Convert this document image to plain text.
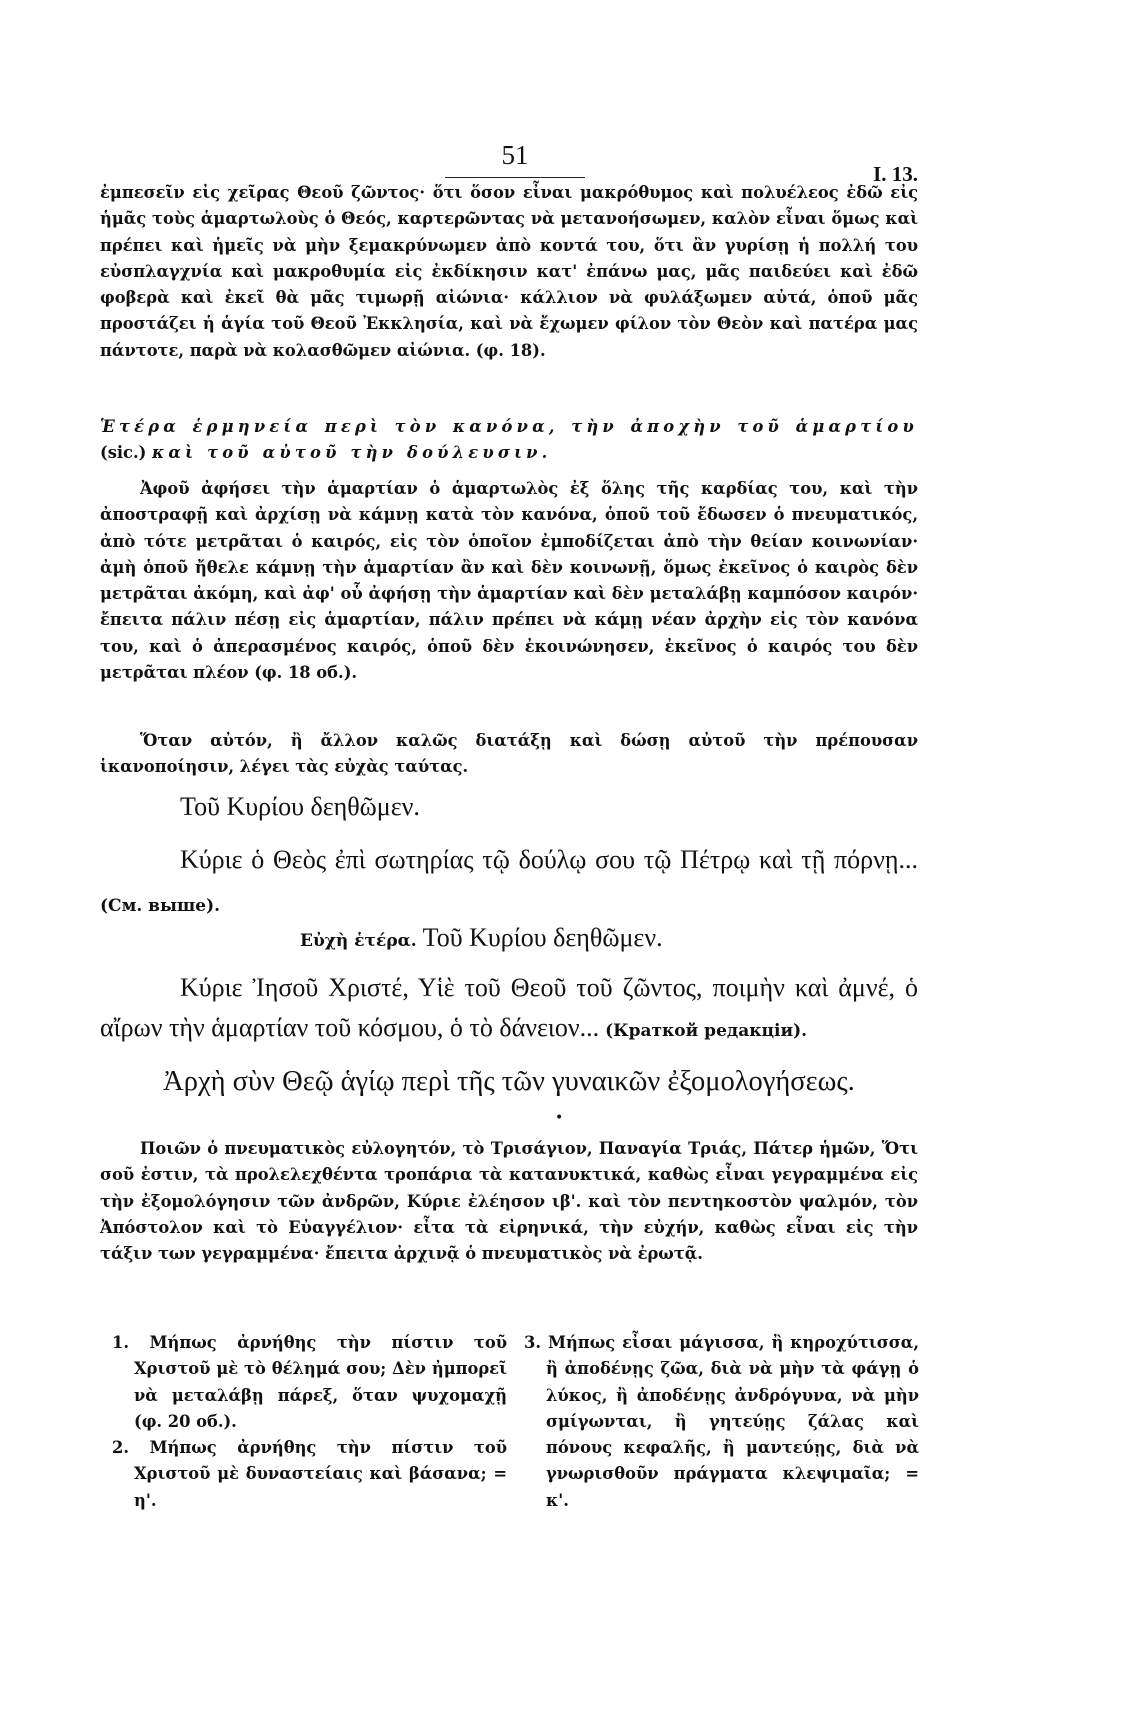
51
I. 13.

ἐμπεσεῖν εἰς χεῖρας Θεοῦ ζῶντος· ὅτι ὅσον εἶναι μακρόθυμος καὶ πολυέλεος ἐδῶ εἰς ἡμᾶς τοὺς ἁμαρτωλοὺς ὁ Θεός, καρτερῶντας νὰ μετανοήσωμεν, καλὸν εἶναι ὅμως καὶ πρέπει καὶ ἡμεῖς νὰ μὴν ξεμακρύνωμεν ἀπὸ κοντά του, ὅτι ἂν γυρίσῃ ἡ πολλή του εὐσπλαγχνία καὶ μακροθυμία εἰς ἐκδίκησιν κατ' ἐπάνω μας, μᾶς παιδεύει καὶ ἐδῶ φοβερὰ καὶ ἐκεῖ θὰ μᾶς τιμωρῇ αἰώνια· κάλλιον νὰ φυλάξωμεν αὐτά, ὁποῦ μᾶς προστάζει ἡ ἁγία τοῦ Θεοῦ Ἐκκλησία, καὶ νὰ ἔχωμεν φίλον τὸν Θεὸν καὶ πατέρα μας πάντοτε, παρὰ νὰ κολασθῶμεν αἰώνια. (φ. 18).

Ἑτέρα ἑρμηνεία περὶ τὸν κανόνα, τὴν ἀποχὴν τοῦ ἁμαρτίου (sic.) καὶ τοῦ αὐτοῦ τὴν δούλευσιν.

Ἀφοῦ ἀφήσει τὴν ἁμαρτίαν ὁ ἁμαρτωλὸς ἐξ ὅλης τῆς καρδίας του, καὶ τὴν ἀποστραφῇ καὶ ἀρχίσῃ νὰ κάμνῃ κατὰ τὸν κανόνα, ὁποῦ τοῦ ἔδωσεν ὁ πνευματικός, ἀπὸ τότε μετρᾶται ὁ καιρός, εἰς τὸν ὁποῖον ἐμποδίζεται ἀπὸ τὴν θείαν κοινωνίαν· ἀμὴ ὁποῦ ἤθελε κάμνῃ τὴν ἁμαρτίαν ἂν καὶ δὲν κοινωνῇ, ὅμως ἐκεῖνος ὁ καιρὸς δὲν μετρᾶται ἀκόμη, καὶ ἀφ' οὗ ἀφήσῃ τὴν ἁμαρτίαν καὶ δὲν μεταλάβῃ καμπόσον καιρόν· ἔπειτα πάλιν πέσῃ εἰς ἁμαρτίαν, πάλιν πρέπει νὰ κάμῃ νέαν ἀρχὴν εἰς τὸν κανόνα του, καὶ ὁ ἀπερασμένος καιρός, ὁποῦ δὲν ἐκοινώνησεν, ἐκεῖνος ὁ καιρός του δὲν μετρᾶται πλέον (φ. 18 οб.).

Ὅταν αὐτόν, ἢ ἄλλον καλῶς διατάξῃ καὶ δώσῃ αὐτοῦ τὴν πρέπουσαν ἱκανοποίησιν, λέγει τὰς εὐχὰς ταύτας.

Τοῦ Κυρίου δεηθῶμεν.

Κύριε ὁ Θεὸς ἐπὶ σωτηρίας τῷ δούλῳ σου τῷ Πέτρῳ καὶ τῇ πόρνῃ... (См. выше).

Εὐχὴ ἑτέρα. Τοῦ Κυρίου δεηθῶμεν.

Κύριε Ἰησοῦ Χριστέ, Υἱὲ τοῦ Θεοῦ τοῦ ζῶντος, ποιμὴν καὶ ἀμνέ, ὁ αἴρων τὴν ἁμαρτίαν τοῦ κόσμου, ὁ τὸ δάνειον... (Краткой редакціи).

Ἀρχὴ σὺν Θεῷ ἁγίῳ περὶ τῆς τῶν γυναικῶν ἐξομολογήσεως.

•

Ποιῶν ὁ πνευματικὸς εὐλογητόν, τὸ Τρισάγιον, Παναγία Τριάς, Πάτερ ἡμῶν, Ὅτι σοῦ ἐστιν, τὰ προλελεχθέντα τροπάρια τὰ κατανυκτικά, καθὼς εἶναι γεγραμμένα εἰς τὴν ἐξομολόγησιν τῶν ἀνδρῶν, Κύριε ἐλέησον ιβ'. καὶ τὸν πεντηκοστὸν ψαλμόν, τὸν Ἀπόστολον καὶ τὸ Εὐαγγέλιον· εἶτα τὰ εἰρηνικά, τὴν εὐχήν, καθὼς εἶναι εἰς τὴν τάξιν των γεγραμμένα· ἔπειτα ἀρχινᾷ ὁ πνευματικὸς νὰ ἐρωτᾷ.

1. Μήπως ἀρνήθης τὴν πίστιν τοῦ Χριστοῦ μὲ τὸ θέλημά σου; Δὲν ἠμπορεῖ νὰ μεταλάβῃ πάρεξ, ὅταν ψυχομαχῇ (φ. 20 οб.).
2. Μήπως ἀρνήθης τὴν πίστιν τοῦ Χριστοῦ μὲ δυναστείαις καὶ βάσανα; = η'.
3. Μήπως εἶσαι μάγισσα, ἢ κηροχύτισσα, ἢ ἀποδένῃς ζῶα, διὰ νὰ μὴν τὰ φάγῃ ὁ λύκος, ἢ ἀποδένῃς ἀνδρόγυνα, νὰ μὴν σμίγωνται, ἢ γητεύῃς ζάλας καὶ πόνους κεφαλῆς, ἢ μαντεύῃς, διὰ νὰ γνωρισθοῦν πράγματα κλεψιμαῖα; = κ'.
